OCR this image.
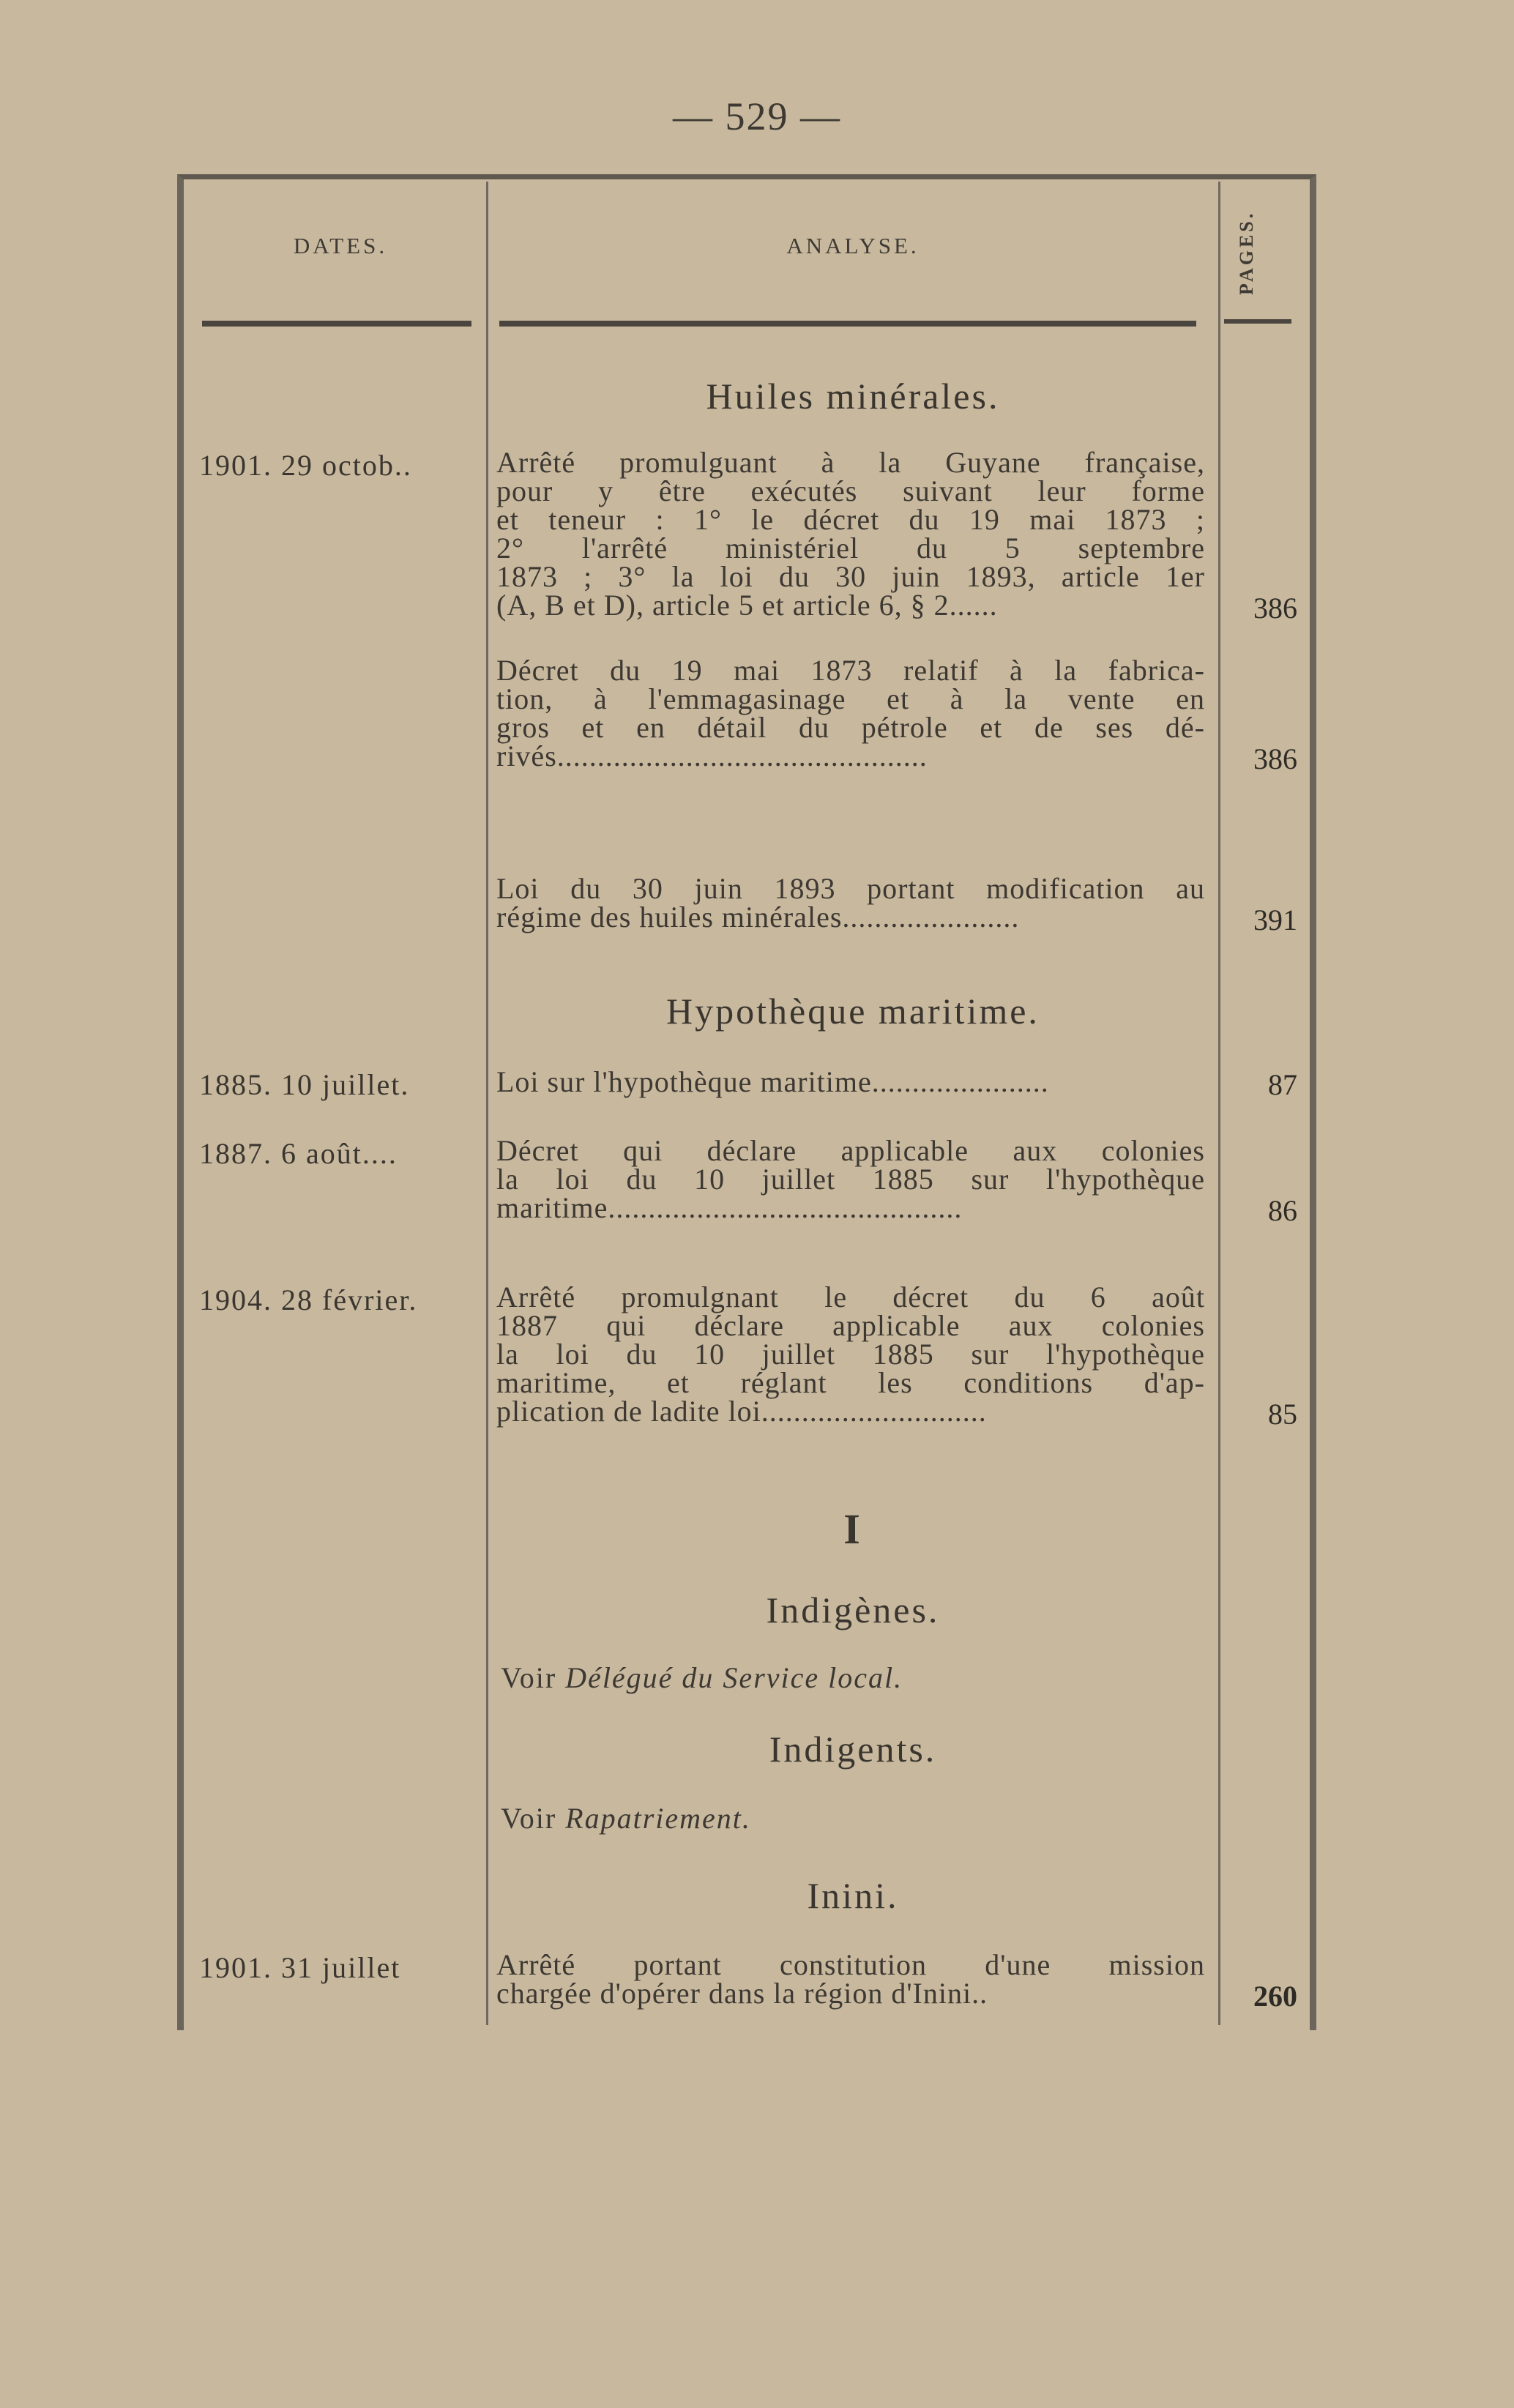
— 529 —
DATES.	ANALYSE.	PAGES.
Huiles minérales.
1901. 29 octob..	Arrêté promulguant à la Guyane française,
pour y être exécutés suivant leur forme
et teneur : 1° le décret du 19 mai 1873 ;
2° l'arrêté ministériel du 5 septembre
1873 ; 3° la loi du 30 juin 1893, article 1er
(A, B et D), article 5 et article 6, § 2......	386
Décret du 19 mai 1873 relatif à la fabrica-
tion, à l'emmagasinage et à la vente en
gros et en détail du pétrole et de ses dé-
rivés..............................................	386
Loi du 30 juin 1893 portant modification au
régime des huiles minérales......................	391
Hypothèque maritime.
1885. 10 juillet.	Loi sur l'hypothèque maritime......................	87
1887. 6 août....	Décret qui déclare applicable aux colonies
la loi du 10 juillet 1885 sur l'hypothèque
maritime............................................	86
1904. 28 février.	Arrêté promulgnant le décret du 6 août
1887 qui déclare applicable aux colonies
la loi du 10 juillet 1885 sur l'hypothèque
maritime, et réglant les conditions d'ap-
plication de ladite loi............................	85
I
Indigènes.
Voir Délégué du Service local.
Indigents.
Voir Rapatriement.
Inini.
1901. 31 juillet	Arrêté portant constitution d'une mission
chargée d'opérer dans la région d'Inini..	260
